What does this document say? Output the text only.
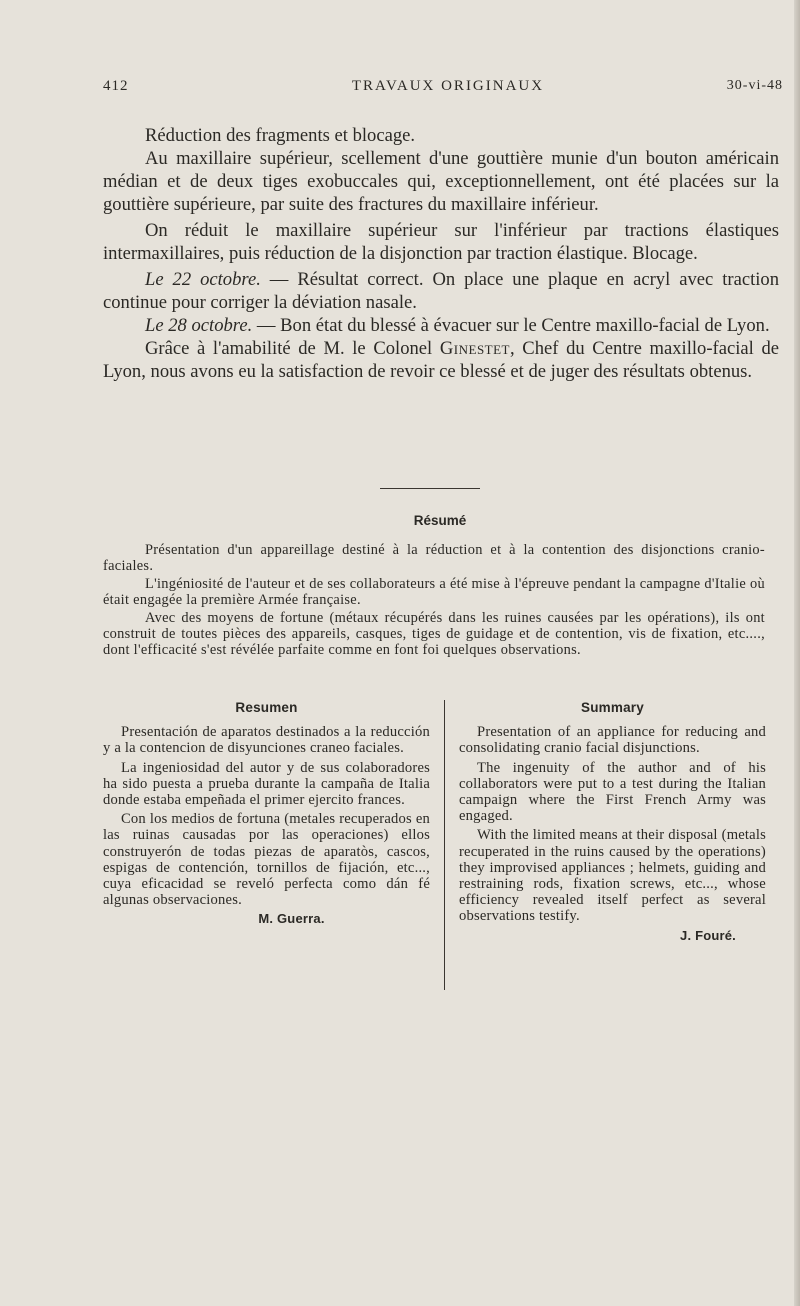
412	TRAVAUX ORIGINAUX	30-vi-48

Réduction des fragments et blocage.

Au maxillaire supérieur, scellement d'une gouttière munie d'un bouton américain médian et de deux tiges exobuccales qui, exceptionnellement, ont été placées sur la gouttière supérieure, par suite des fractures du maxillaire inférieur.

On réduit le maxillaire supérieur sur l'inférieur par tractions élastiques intermaxillaires, puis réduction de la disjonction par traction élastique. Blocage.

Le 22 octobre. — Résultat correct. On place une plaque en acryl avec traction continue pour corriger la déviation nasale.

Le 28 octobre. — Bon état du blessé à évacuer sur le Centre maxillo-facial de Lyon.

Grâce à l'amabilité de M. le Colonel Ginestet, Chef du Centre maxillo-facial de Lyon, nous avons eu la satisfaction de revoir ce blessé et de juger des résultats obtenus.

Résumé

Présentation d'un appareillage destiné à la réduction et à la contention des disjonctions cranio-faciales.

L'ingéniosité de l'auteur et de ses collaborateurs a été mise à l'épreuve pendant la campagne d'Italie où était engagée la première Armée française.

Avec des moyens de fortune (métaux récupérés dans les ruines causées par les opérations), ils ont construit de toutes pièces des appareils, casques, tiges de guidage et de contention, vis de fixation, etc...., dont l'efficacité s'est révélée parfaite comme en font foi quelques observations.

Resumen

Presentación de aparatos destinados a la reducción y a la contencion de disyunciones craneo faciales.

La ingeniosidad del autor y de sus colaboradores ha sido puesta a prueba durante la campaña de Italia donde estaba empeñada el primer ejercito frances.

Con los medios de fortuna (metales recuperados en las ruinas causadas por las operaciones) ellos construyerón de todas piezas de aparatòs, cascos, espigas de contención, tornillos de fijación, etc..., cuya eficacidad se reveló perfecta como dán fé algunas observaciones.

M. Guerra.
Summary

Presentation of an appliance for reducing and consolidating cranio facial disjunctions.

The ingenuity of the author and of his collaborators were put to a test during the Italian campaign where the First French Army was engaged.

With the limited means at their disposal (metals recuperated in the ruins caused by the operations) they improvised appliances ; helmets, guiding and restraining rods, fixation screws, etc..., whose efficiency revealed itself perfect as several observations testify.

J. Fouré.
